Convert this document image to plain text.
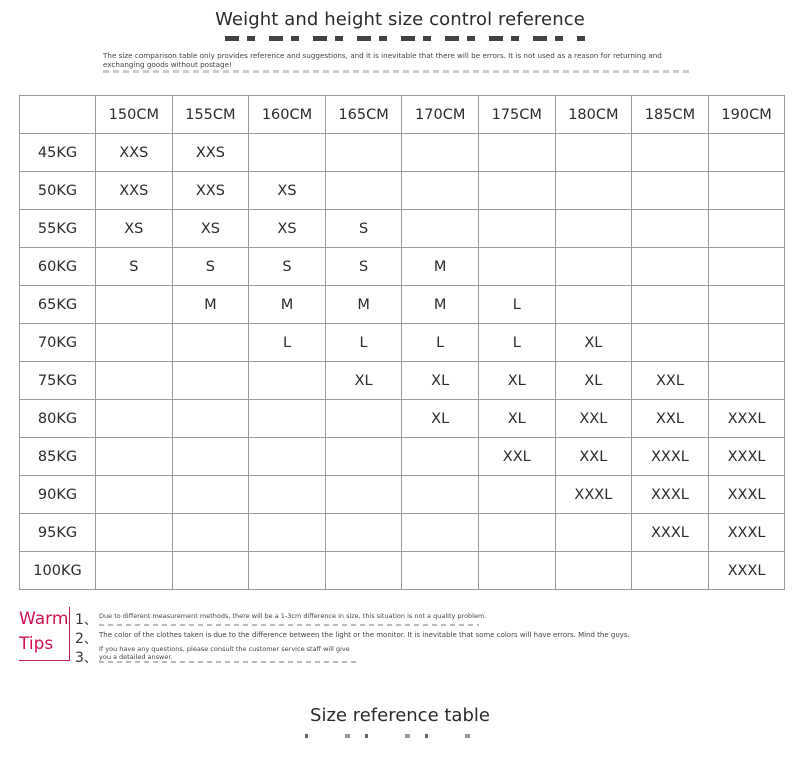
Weight and height size control reference
The size comparison table only provides reference and suggestions, and it is inevitable that there will be errors. It is not used as a reason for returning and exchanging goods without postage!
	150CM	155CM	160CM	165CM	170CM	175CM	180CM	185CM	190CM
45KG	XXS	XXS							
50KG	XXS	XXS	XS						
55KG	XS	XS	XS	S					
60KG	S	S	S	S	M				
65KG		M	M	M	M	L			
70KG			L	L	L	L	XL		
75KG				XL	XL	XL	XL	XXL	
80KG					XL	XL	XXL	XXL	XXXL
85KG						XXL	XXL	XXXL	XXXL
90KG							XXXL	XXXL	XXXL
95KG								XXXL	XXXL
100KG									XXXL
Warm
Tips
1、 Due to different measurement methods, there will be a 1-3cm difference in size, this situation is not a quality problem.
2、 The color of the clothes taken is due to the difference between the light or the monitor. It is inevitable that some colors will have errors. Mind the guys.
3、
If you have any questions, please consult the customer service staff will give you a detailed answer.
Size reference table
